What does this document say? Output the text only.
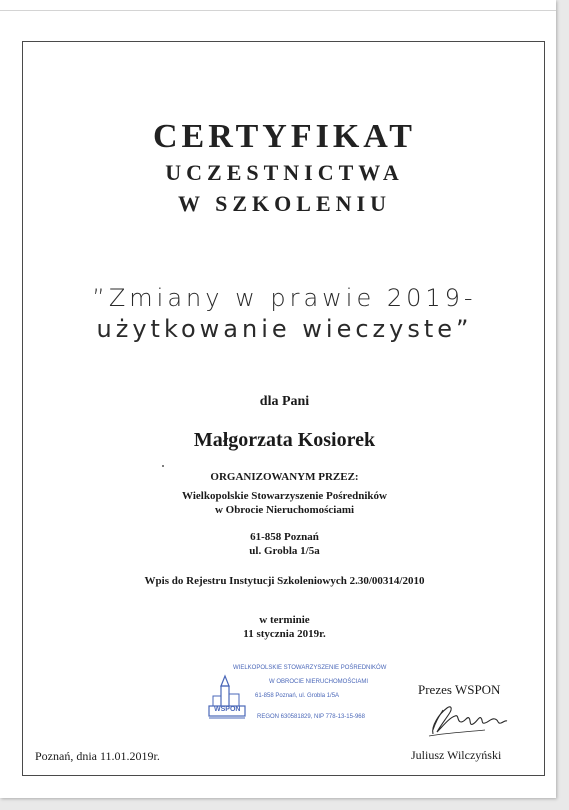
CERTYFIKAT
UCZESTNICTWA
W SZKOLENIU
”Zmiany w prawie 2019-
użytkowanie wieczyste”
dla Pani
Małgorzata Kosiorek
ORGANIZOWANYM PRZEZ:
Wielkopolskie Stowarzyszenie Pośredników
w Obrocie Nieruchomościami
61-858 Poznań
ul. Grobla 1/5a
Wpis do Rejestru Instytucji Szkoleniowych 2.30/00314/2010
w terminie
11 stycznia 2019r.
WSPON
WIELKOPOLSKIE STOWARZYSZENIE POŚREDNIKÓW
W OBROCIE NIERUCHOMOŚCIAMI
61-858 Poznań, ul. Grobla 1/5A
REGON 630581829, NIP 778-13-15-968
Prezes WSPON
Juliusz Wilczyński
Poznań, dnia 11.01.2019r.
